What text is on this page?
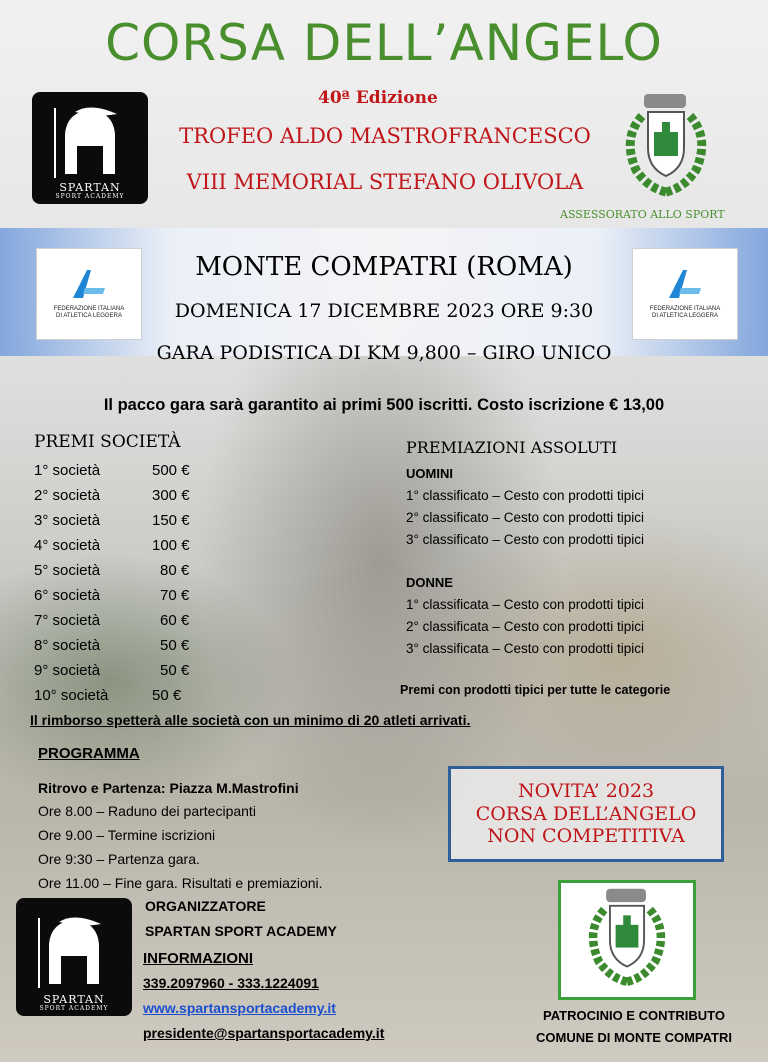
CORSA DELL’ANGELO
40ª Edizione
TROFEO ALDO MASTROFRANCESCO
VIII MEMORIAL STEFANO OLIVOLA
SPARTAN
SPORT ACADEMY
ASSESSORATO ALLO SPORT
FEDERAZIONE ITALIANA
DI ATLETICA LEGGERA
FEDERAZIONE ITALIANA
DI ATLETICA LEGGERA
MONTE COMPATRI (ROMA)
DOMENICA 17 DICEMBRE 2023 ORE 9:30
GARA PODISTICA DI KM 9,800 – GIRO UNICO
Il pacco gara sarà garantito ai primi 500 iscritti. Costo iscrizione € 13,00
PREMI SOCIETÀ
1° società	500 €
2° società	300 €
3° società	150 €
4° società	100 €
5° società	80 €
6° società	70 €
7° società	60 €
8° società	50 €
9° società	50 €
10° società	50 €
PREMIAZIONI ASSOLUTI
UOMINI
1° classificato – Cesto con prodotti tipici
2° classificato – Cesto con prodotti tipici
3° classificato – Cesto con prodotti tipici
DONNE
1° classificata – Cesto con prodotti tipici
2° classificata – Cesto con prodotti tipici
3° classificata – Cesto con prodotti tipici
Premi con prodotti tipici per tutte le categorie
Il rimborso spetterà alle società con un minimo di 20 atleti arrivati.
PROGRAMMA
Ritrovo e Partenza: Piazza M.Mastrofini
Ore 8.00 – Raduno dei partecipanti
Ore 9.00 – Termine iscrizioni
Ore 9:30 – Partenza gara.
Ore 11.00 – Fine gara. Risultati e premiazioni.
NOVITA’ 2023
CORSA DELL’ANGELO
NON COMPETITIVA
SPARTAN
SPORT ACADEMY
ORGANIZZATORE
SPARTAN SPORT ACADEMY
INFORMAZIONI
339.2097960 - 333.1224091
www.spartansportacademy.it
presidente@spartansportacademy.it
PATROCINIO E CONTRIBUTO
COMUNE DI MONTE COMPATRI
